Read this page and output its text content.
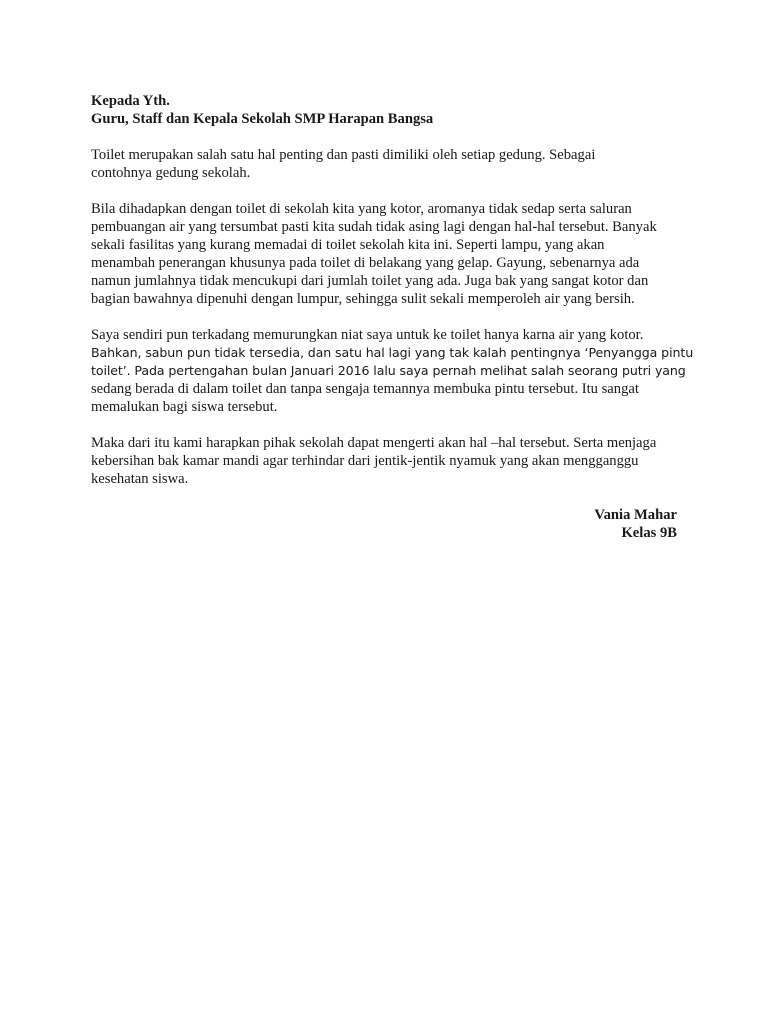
Kepada Yth.
Guru, Staff dan Kepala Sekolah SMP Harapan Bangsa

Toilet merupakan salah satu hal penting dan pasti dimiliki oleh setiap gedung. Sebagai
contohnya gedung sekolah.

Bila dihadapkan dengan toilet di sekolah kita yang kotor, aromanya tidak sedap serta saluran
pembuangan air yang tersumbat pasti kita sudah tidak asing lagi dengan hal-hal tersebut. Banyak
sekali fasilitas yang kurang memadai di toilet sekolah kita ini. Seperti lampu, yang akan
menambah penerangan khusunya pada toilet di belakang yang gelap. Gayung, sebenarnya ada
namun jumlahnya tidak mencukupi dari jumlah toilet yang ada. Juga bak yang sangat kotor dan
bagian bawahnya dipenuhi dengan lumpur, sehingga sulit sekali memperoleh air yang bersih.

Saya sendiri pun terkadang memurungkan niat saya untuk ke toilet hanya karna air yang kotor.
Bahkan, sabun pun tidak tersedia, dan satu hal lagi yang tak kalah pentingnya ‘Penyangga pintu
toilet’. Pada pertengahan bulan Januari 2016 lalu saya pernah melihat salah seorang putri yang
sedang berada di dalam toilet dan tanpa sengaja temannya membuka pintu tersebut. Itu sangat
memalukan bagi siswa tersebut.

Maka dari itu kami harapkan pihak sekolah dapat mengerti akan hal –hal tersebut. Serta menjaga
kebersihan bak kamar mandi agar terhindar dari jentik-jentik nyamuk yang akan mengganggu
kesehatan siswa.

Vania Mahar
Kelas 9B
